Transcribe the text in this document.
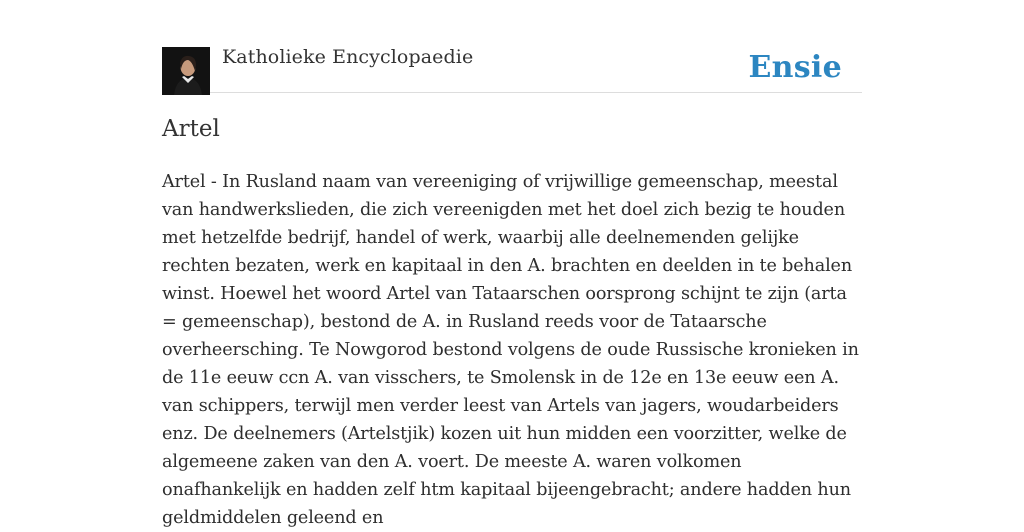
Katholieke Encyclopaedie	Ensie
Artel

Artel - In Rusland naam van vereeniging of vrijwillige gemeenschap, meestal van handwerkslieden, die zich vereenigden met het doel zich bezig te houden met hetzelfde bedrijf, handel of werk, waarbij alle deelnemenden gelijke rechten bezaten, werk en kapitaal in den A. brachten en deelden in te behalen winst. Hoewel het woord Artel van Tataarschen oorsprong schijnt te zijn (arta = gemeenschap), bestond de A. in Rusland reeds voor de Tataarsche overheersching. Te Nowgorod bestond volgens de oude Russische kronieken in de 11e eeuw ccn A. van visschers, te Smolensk in de 12e en 13e eeuw een A. van schippers, terwijl men verder leest van Artels van jagers, woudarbeiders enz. De deelnemers (Artelstjik) kozen uit hun midden een voorzitter, welke de algemeene zaken van den A. voert. De meeste A. waren volkomen onafhankelijk en hadden zelf htm kapitaal bijeengebracht; andere hadden hun geldmiddelen geleend en
